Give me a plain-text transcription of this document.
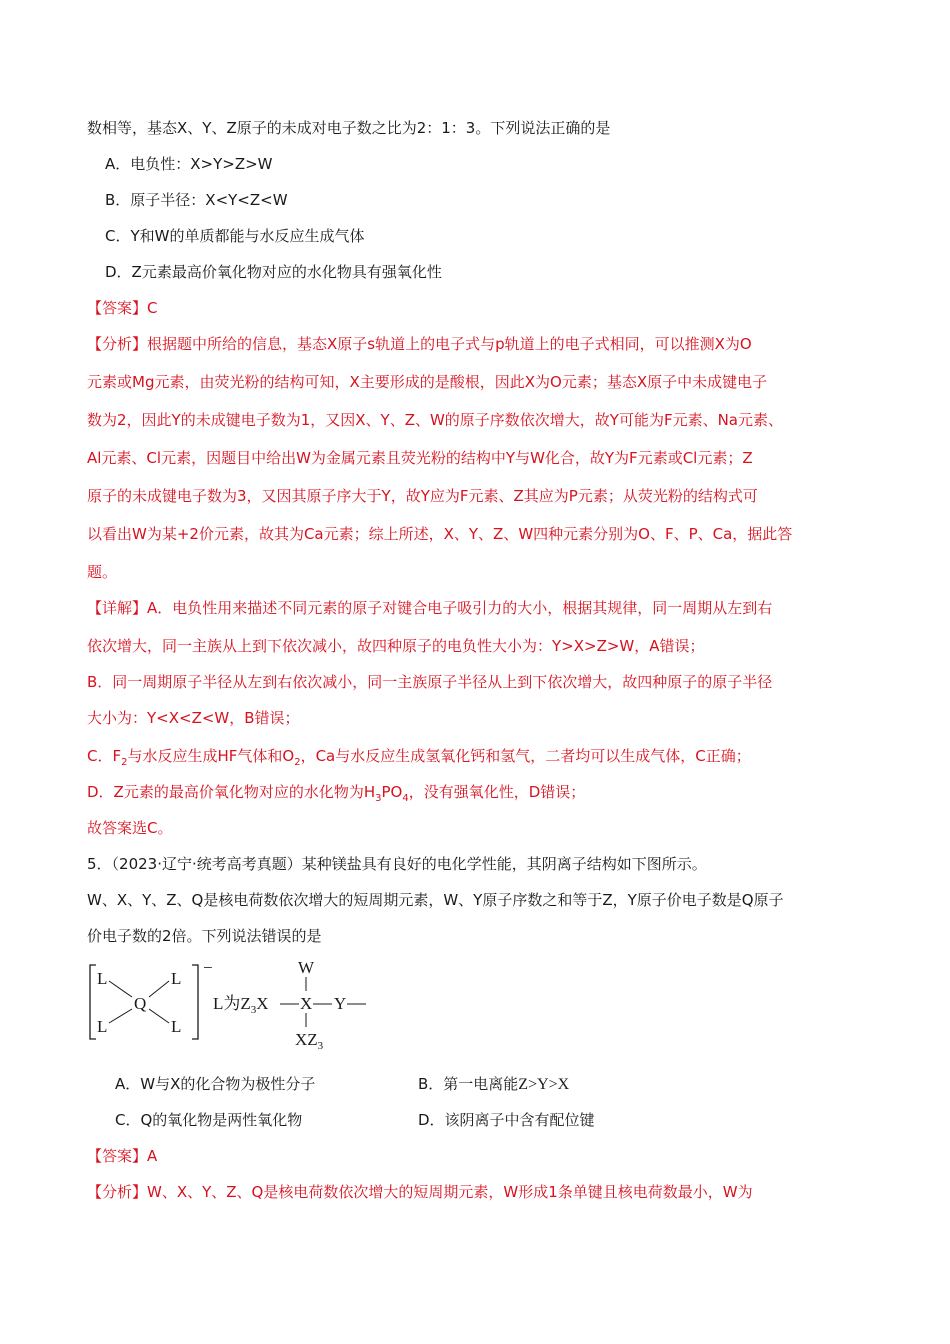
数相等，基态X、Y、Z原子的未成对电子数之比为2：1：3。下列说法正确的是
A．电负性：X>Y>Z>W
B．原子半径：X<Y<Z<W
C．Y和W的单质都能与水反应生成气体
D．Z元素最高价氧化物对应的水化物具有强氧化性
【答案】C
【分析】根据题中所给的信息，基态X原子s轨道上的电子式与p轨道上的电子式相同，可以推测X为O
元素或Mg元素，由荧光粉的结构可知，X主要形成的是酸根，因此X为O元素；基态X原子中未成键电子
数为2，因此Y的未成键电子数为1，又因X、Y、Z、W的原子序数依次增大，故Y可能为F元素、Na元素、
Al元素、Cl元素，因题目中给出W为金属元素且荧光粉的结构中Y与W化合，故Y为F元素或Cl元素；Z
原子的未成键电子数为3，又因其原子序大于Y，故Y应为F元素、Z其应为P元素；从荧光粉的结构式可
以看出W为某+2价元素，故其为Ca元素；综上所述，X、Y、Z、W四种元素分别为O、F、P、Ca，据此答
题。
【详解】A．电负性用来描述不同元素的原子对键合电子吸引力的大小，根据其规律，同一周期从左到右
依次增大，同一主族从上到下依次减小，故四种原子的电负性大小为：Y>X>Z>W，A错误；
B．同一周期原子半径从左到右依次减小，同一主族原子半径从上到下依次增大，故四种原子的原子半径
大小为：Y<X<Z<W，B错误；
C．$F_2$与水反应生成HF气体和$O_2$，Ca与水反应生成氢氧化钙和氢气，二者均可以生成气体，C正确；
D．Z元素的最高价氧化物对应的水化物为$H_3PO_4$，没有强氧化性，D错误；
故答案选C。
5．（2023·辽宁·统考高考真题）某种镁盐具有良好的电化学性能，其阴离子结构如下图所示。
W、X、Y、Z、Q是核电荷数依次增大的短周期元素，W、Y原子序数之和等于Z，Y原子价电子数是Q原子
价电子数的2倍。下列说法错误的是
−
L	L
L	L
Q	L为$Z_3X$ X Y
W
$XZ_3$
A．W与X的化合物为极性分子	B．第一电离能Z>Y>X
C．Q的氧化物是两性氧化物	D．该阴离子中含有配位键
【答案】A
【分析】W、X、Y、Z、Q是核电荷数依次增大的短周期元素，W形成1条单键且核电荷数最小，W为
